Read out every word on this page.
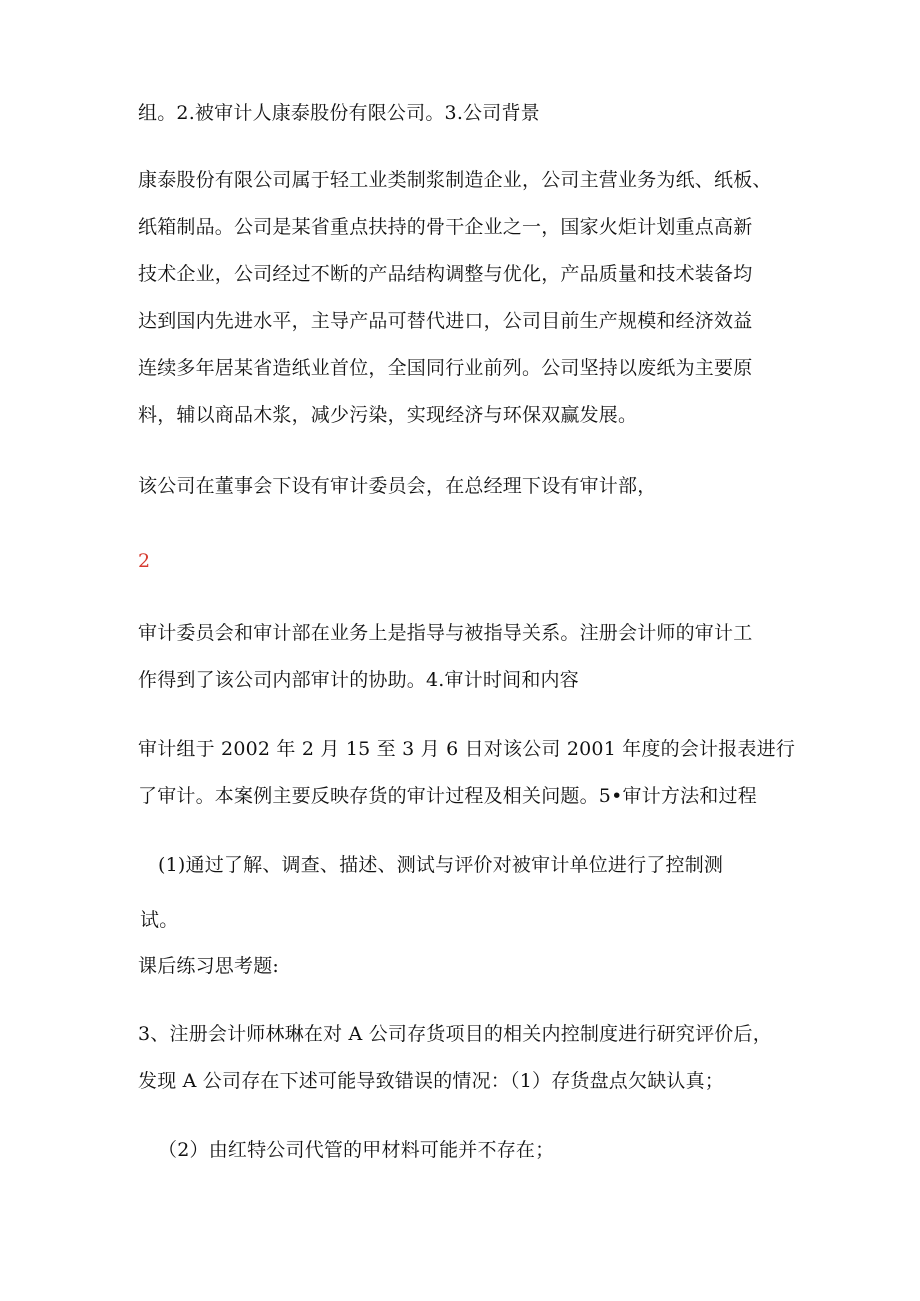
组。2.被审计人康泰股份有限公司。3.公司背景
康泰股份有限公司属于轻工业类制浆制造企业，公司主营业务为纸、纸板、
纸箱制品。公司是某省重点扶持的骨干企业之一，国家火炬计划重点高新
技术企业，公司经过不断的产品结构调整与优化，产品质量和技术装备均
达到国内先进水平，主导产品可替代进口，公司目前生产规模和经济效益
连续多年居某省造纸业首位，全国同行业前列。公司坚持以废纸为主要原
料，辅以商品木浆，减少污染，实现经济与环保双赢发展。
该公司在董事会下设有审计委员会，在总经理下设有审计部，
2
审计委员会和审计部在业务上是指导与被指导关系。注册会计师的审计工
作得到了该公司内部审计的协助。4.审计时间和内容
审计组于 2002 年 2 月 15 至 3 月 6 日对该公司 2001 年度的会计报表进行
了审计。本案例主要反映存货的审计过程及相关问题。5•审计方法和过程
(1)通过了解、调查、描述、测试与评价对被审计单位进行了控制测
试。
课后练习思考题:
3、注册会计师林琳在对 A 公司存货项目的相关内控制度进行研究评价后，
发现 A 公司存在下述可能导致错误的情况：（1）存货盘点欠缺认真；
（2）由红特公司代管的甲材料可能并不存在；
